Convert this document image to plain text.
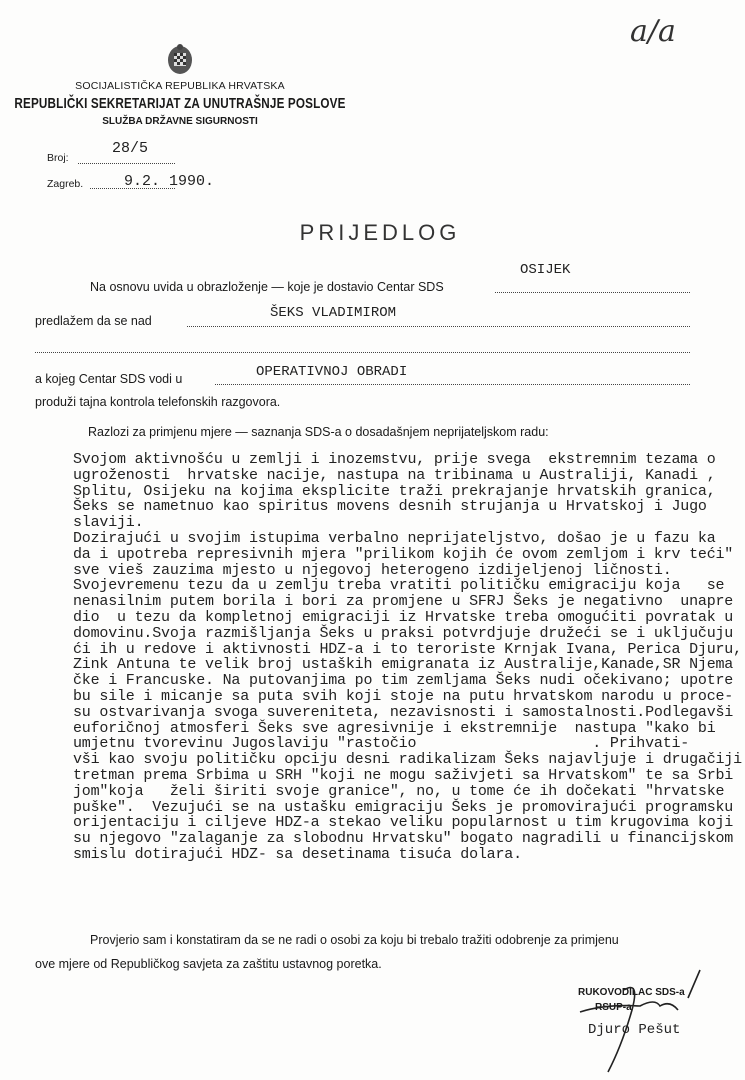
a/a
SOCIJALISTIČKA REPUBLIKA HRVATSKA
REPUBLIČKI SEKRETARIJAT ZA UNUTRAŠNJE POSLOVE
SLUŽBA DRŽAVNE SIGURNOSTI
Broj:
28/5
Zagreb.	9.2. 1990.
PRIJEDLOG
Na osnovu uvida u obrazloženje — koje je dostavio Centar SDS
OSIJEK
predlažem da se nad	ŠEKS VLADIMIROM
a kojeg Centar SDS vodi u	OPERATIVNOJ OBRADI
produži tajna kontrola telefonskih razgovora.
Razlozi za primjenu mjere — saznanja SDS-a o dosadašnjem neprijateljskom radu:
Svojom aktivnošću u zemlji i inozemstvu, prije svega  ekstremnim tezama o
ugroženosti  hrvatske nacije, nastupa na tribinama u Australiji, Kanadi ,
Splitu, Osijeku na kojima eksplicite traži prekrajanje hrvatskih granica,
Šeks se nametnuo kao spiritus movens desnih strujanja u Hrvatskoj i Jugo
slaviji.
Dozirajući u svojim istupima verbalno neprijateljstvo, došao je u fazu ka
da i upotreba represivnih mjera "prilikom kojih će ovom zemljom i krv teći"
sve vieš zauzima mjesto u njegovoj heterogeno izdijeljenoj ličnosti.
Svojevremenu tezu da u zemlju treba vratiti političku emigraciju koja   se
nenasilnim putem borila i bori za promjene u SFRJ Šeks je negativno  unapre
dio  u tezu da kompletnoj emigraciji iz Hrvatske treba omogućiti povratak u
domovinu.Svoja razmišljanja Šeks u praksi potvrdjuje družeći se i uključuju
ći ih u redove i aktivnosti HDZ-a i to teroriste Krnjak Ivana, Perica Djuru,
Zink Antuna te velik broj ustaških emigranata iz Australije,Kanade,SR Njema
čke i Francuske. Na putovanjima po tim zemljama Šeks nudi očekivano; upotre
bu sile i micanje sa puta svih koji stoje na putu hrvatskom narodu u proce-
su ostvarivanja svoga suvereniteta, nezavisnosti i samostalnosti.Podlegavši
euforičnoj atmosferi Šeks sve agresivnije i ekstremnije  nastupa "kako bi
umjetnu tvorevinu Jugoslaviju "rastočio                    . Prihvati-
vši kao svoju političku opciju desni radikalizam Šeks najavljuje i drugačiji
tretman prema Srbima u SRH "koji ne mogu saživjeti sa Hrvatskom" te sa Srbi
jom"koja   želi širiti svoje granice", no, u tome će ih dočekati "hrvatske
puške".  Vezujući se na ustašku emigraciju Šeks je promovirajući programsku
orijentaciju i ciljeve HDZ-a stekao veliku popularnost u tim krugovima koji
su njegovo "zalaganje za slobodnu Hrvatsku" bogato nagradili u financijskom
smislu dotirajući HDZ- sa desetinama tisuća dolara.
Provjerio sam i konstatiram da se ne radi o osobi za koju bi trebalo tražiti odobrenje za primjenu
ove mjere od Republičkog savjeta za zaštitu ustavnog poretka.
RUKOVODILAC SDS-a
RSUP-a
Djuro Pešut
